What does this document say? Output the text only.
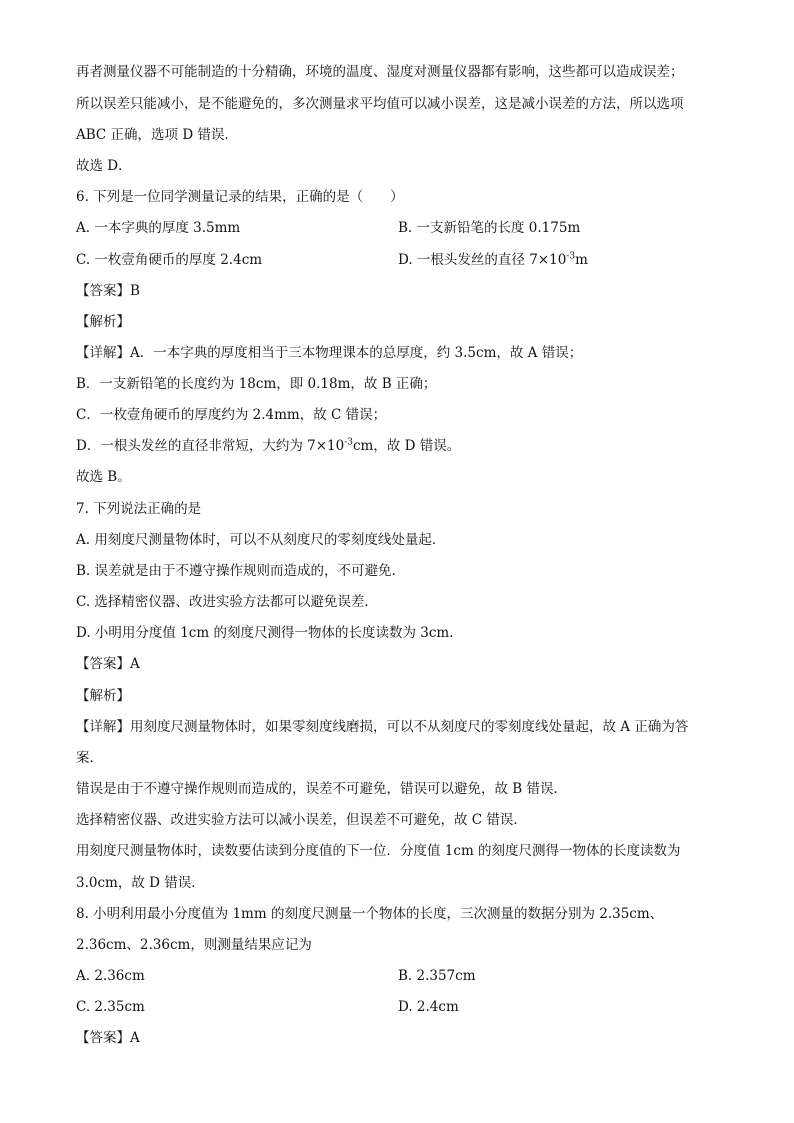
再者测量仪器不可能制造的十分精确，环境的温度、湿度对测量仪器都有影响，这些都可以造成误差；
所以误差只能减小，是不能避免的，多次测量求平均值可以减小误差，这是减小误差的方法，所以选项
ABC 正确，选项 D 错误．
故选 D．
6. 下列是一位同学测量记录的结果，正确的是（　　）
A. 一本字典的厚度 3.5mm	B. 一支新铅笔的长度 0.175m
C. 一枚壹角硬币的厚度 2.4cm	D. 一根头发丝的直径 $7\times 10^{-3}m$
【答案】B
【解析】
【详解】A．一本字典的厚度相当于三本物理课本的总厚度，约 3.5cm，故 A 错误；
B．一支新铅笔的长度约为 18cm，即 0.18m，故 B 正确；
C．一枚壹角硬币的厚度约为 2.4mm，故 C 错误；
D．一根头发丝的直径非常短，大约为 $7\times 10^{-3}cm$，故 D 错误。
故选 B。
7. 下列说法正确的是
A. 用刻度尺测量物体时，可以不从刻度尺的零刻度线处量起．
B. 误差就是由于不遵守操作规则而造成的，不可避免．
C. 选择精密仪器、改进实验方法都可以避免误差．
D. 小明用分度值 1cm 的刻度尺测得一物体的长度读数为 3cm.
【答案】A
【解析】
【详解】用刻度尺测量物体时，如果零刻度线磨损，可以不从刻度尺的零刻度线处量起，故 A 正确为答
案．
错误是由于不遵守操作规则而造成的，误差不可避免，错误可以避免，故 B 错误．
选择精密仪器、改进实验方法可以减小误差，但误差不可避免，故 C 错误．
用刻度尺测量物体时，读数要估读到分度值的下一位．分度值 1cm 的刻度尺测得一物体的长度读数为
3.0cm，故 D 错误．
8. 小明利用最小分度值为 1mm 的刻度尺测量一个物体的长度，三次测量的数据分别为 2.35cm、
2.36cm、2.36cm，则测量结果应记为
A. 2.36cm	B. 2.357cm
C. 2.35cm	D. 2.4cm
【答案】A
